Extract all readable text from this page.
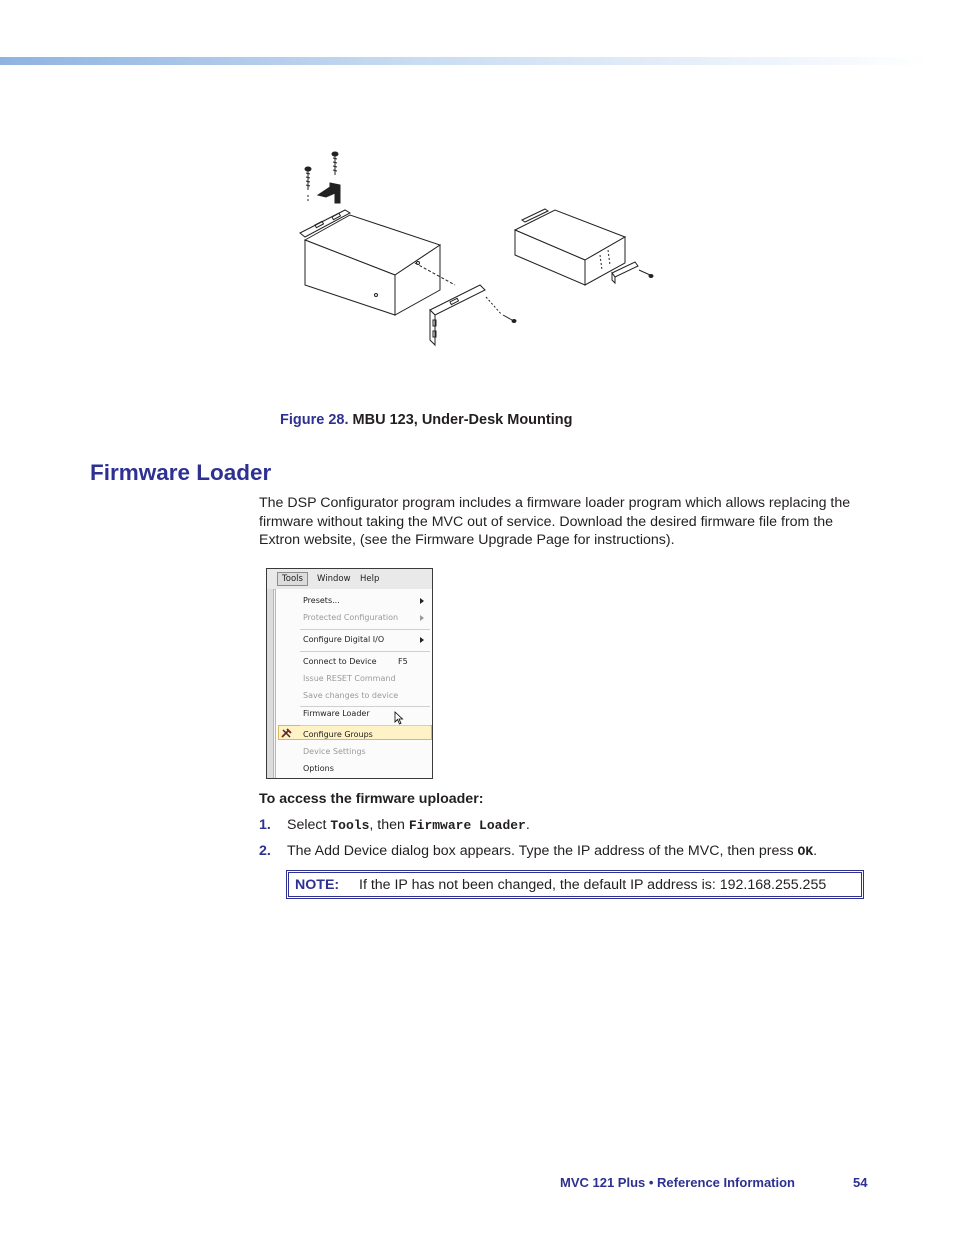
Figure 28. MBU 123, Under-Desk Mounting
Firmware Loader

The DSP Configurator program includes a firmware loader program which allows replacing the firmware without taking the MVC out of service. Download the desired firmware file from the Extron website, (see the Firmware Upgrade Page for instructions).

Tools	Window Help
Presets...
Protected Configuration
Configure Digital I/O
Connect to Device	F5
Issue RESET Command
Save changes to device
Firmware Loader
Configure Groups
Device Settings
Options
To access the firmware uploader:
1. Select Tools, then Firmware Loader.
2. The Add Device dialog box appears. Type the IP address of the MVC, then press OK.
NOTE: If the IP has not been changed, the default IP address is: 192.168.255.255
MVC 121 Plus • Reference Information	54
